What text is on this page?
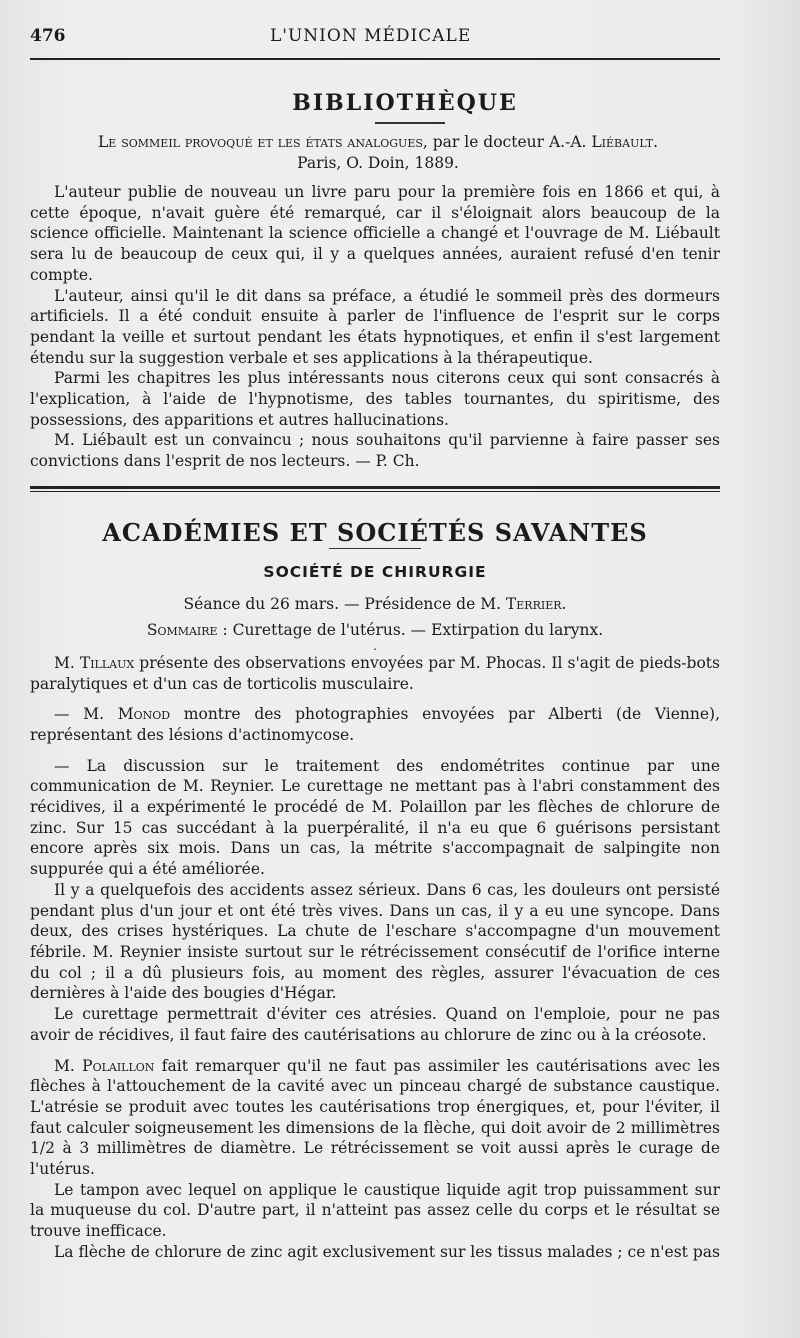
476	L'UNION MÉDICALE
BIBLIOTHÈQUE
Le sommeil provoqué et les états analogues, par le docteur A.-A. Liébault.
Paris, O. Doin, 1889.

L'auteur publie de nouveau un livre paru pour la première fois en 1866 et qui, à cette époque, n'avait guère été remarqué, car il s'éloignait alors beaucoup de la science officielle. Maintenant la science officielle a changé et l'ouvrage de M. Liébault sera lu de beaucoup de ceux qui, il y a quelques années, auraient refusé d'en tenir compte.

L'auteur, ainsi qu'il le dit dans sa préface, a étudié le sommeil près des dormeurs artificiels. Il a été conduit ensuite à parler de l'influence de l'esprit sur le corps pendant la veille et surtout pendant les états hypnotiques, et enfin il s'est largement étendu sur la suggestion verbale et ses applications à la thérapeutique.

Parmi les chapitres les plus intéressants nous citerons ceux qui sont consacrés à l'explication, à l'aide de l'hypnotisme, des tables tournantes, du spiritisme, des possessions, des apparitions et autres hallucinations.

M. Liébault est un convaincu ; nous souhaitons qu'il parvienne à faire passer ses convictions dans l'esprit de nos lecteurs. — P. Ch.

ACADÉMIES ET SOCIÉTÉS SAVANTES
SOCIÉTÉ DE CHIRURGIE
Séance du 26 mars. — Présidence de M. Terrier.
Sommaire : Curettage de l'utérus. — Extirpation du larynx.
.

M. Tillaux présente des observations envoyées par M. Phocas. Il s'agit de pieds-bots paralytiques et d'un cas de torticolis musculaire.

— M. Monod montre des photographies envoyées par Alberti (de Vienne), représentant des lésions d'actinomycose.

— La discussion sur le traitement des endométrites continue par une communication de M. Reynier. Le curettage ne mettant pas à l'abri constamment des récidives, il a expérimenté le procédé de M. Polaillon par les flèches de chlorure de zinc. Sur 15 cas succédant à la puerpéralité, il n'a eu que 6 guérisons persistant encore après six mois. Dans un cas, la métrite s'accompagnait de salpingite non suppurée qui a été améliorée.

Il y a quelquefois des accidents assez sérieux. Dans 6 cas, les douleurs ont persisté pendant plus d'un jour et ont été très vives. Dans un cas, il y a eu une syncope. Dans deux, des crises hystériques. La chute de l'eschare s'accompagne d'un mouvement fébrile. M. Reynier insiste surtout sur le rétrécissement consécutif de l'orifice interne du col ; il a dû plusieurs fois, au moment des règles, assurer l'évacuation de ces dernières à l'aide des bougies d'Hégar.

Le curettage permettrait d'éviter ces atrésies. Quand on l'emploie, pour ne pas avoir de récidives, il faut faire des cautérisations au chlorure de zinc ou à la créosote.

M. Polaillon fait remarquer qu'il ne faut pas assimiler les cautérisations avec les flèches à l'attouchement de la cavité avec un pinceau chargé de substance caustique. L'atrésie se produit avec toutes les cautérisations trop énergiques, et, pour l'éviter, il faut calculer soigneusement les dimensions de la flèche, qui doit avoir de 2 millimètres 1/2 à 3 millimètres de diamètre. Le rétrécissement se voit aussi après le curage de l'utérus.

Le tampon avec lequel on applique le caustique liquide agit trop puissamment sur la muqueuse du col. D'autre part, il n'atteint pas assez celle du corps et le résultat se trouve inefficace.

La flèche de chlorure de zinc agit exclusivement sur les tissus malades ; ce n'est pas
